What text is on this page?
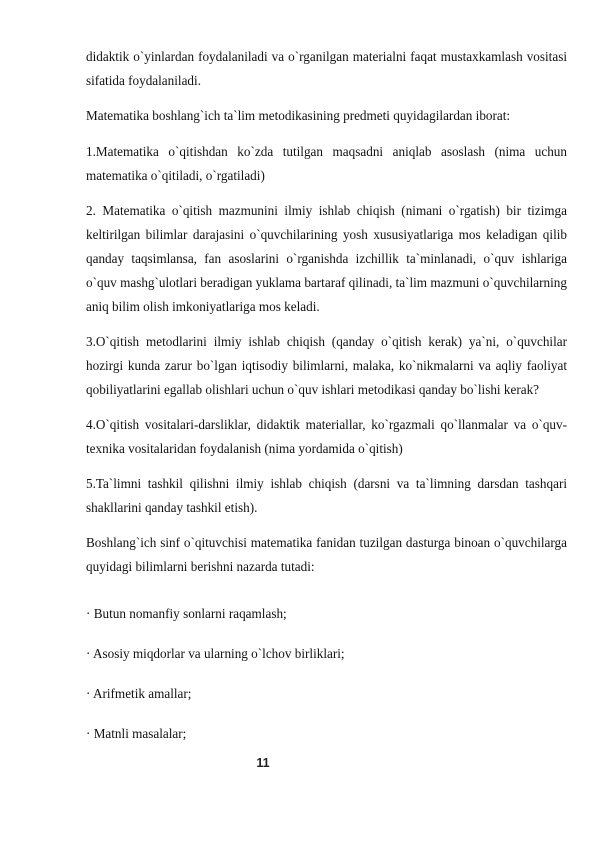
didaktik o`yinlardan foydalaniladi va o`rganilgan materialni faqat mustaxkamlash vositasi sifatida foydalaniladi.

Matematika boshlang`ich ta`lim metodikasining predmeti quyidagilardan iborat:

1.Matematika o`qitishdan ko`zda tutilgan maqsadni aniqlab asoslash (nima uchun matematika o`qitiladi, o`rgatiladi)

2. Matematika o`qitish mazmunini ilmiy ishlab chiqish (nimani o`rgatish) bir tizimga keltirilgan bilimlar darajasini o`quvchilarining yosh xususiyatlariga mos keladigan qilib qanday taqsimlansa, fan asoslarini o`rganishda izchillik ta`minlanadi, o`quv ishlariga o`quv mashg`ulotlari beradigan yuklama bartaraf qilinadi, ta`lim mazmuni o`quvchilarning aniq bilim olish imkoniyatlariga mos keladi.

3.O`qitish metodlarini ilmiy ishlab chiqish (qanday o`qitish kerak) ya`ni, o`quvchilar hozirgi kunda zarur bo`lgan iqtisodiy bilimlarni, malaka, ko`nikmalarni va aqliy faoliyat qobiliyatlarini egallab olishlari uchun o`quv ishlari metodikasi qanday bo`lishi kerak?

4.O`qitish vositalari-darsliklar, didaktik materiallar, ko`rgazmali qo`llanmalar va o`quv- texnika vositalaridan foydalanish (nima yordamida o`qitish)

5.Ta`limni tashkil qilishni ilmiy ishlab chiqish (darsni va ta`limning darsdan tashqari shakllarini qanday tashkil etish).

Boshlang`ich sinf o`qituvchisi matematika fanidan tuzilgan dasturga binoan o`quvchilarga quyidagi bilimlarni berishni nazarda tutadi:

· Butun nomanfiy sonlarni raqamlash;
· Asosiy miqdorlar va ularning o`lchov birliklari;
· Arifmetik amallar;
· Matnli masalalar;
11
